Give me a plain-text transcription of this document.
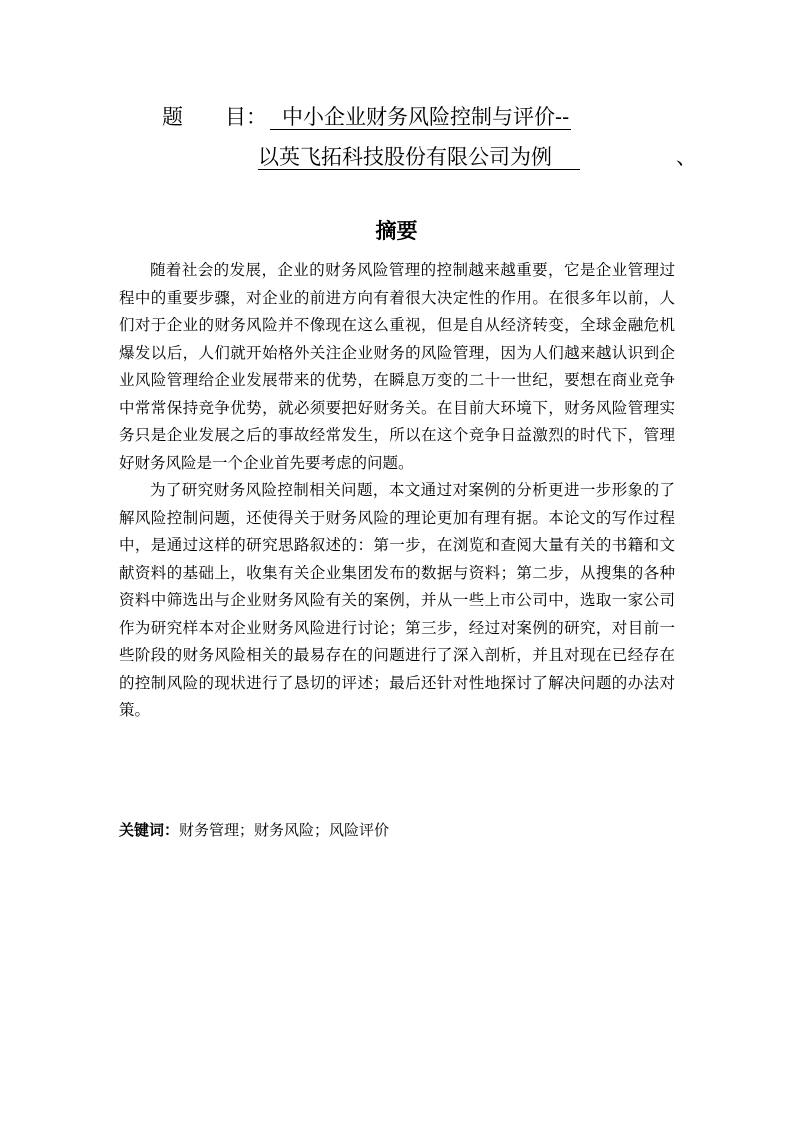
题 目： 中小企业财务风险控制与评价--
以英飞拓科技股份有限公司为例	、
摘要

随着社会的发展，企业的财务风险管理的控制越来越重要，它是企业管理过程中的重要步骤，对企业的前进方向有着很大决定性的作用。在很多年以前，人们对于企业的财务风险并不像现在这么重视，但是自从经济转变，全球金融危机爆发以后，人们就开始格外关注企业财务的风险管理，因为人们越来越认识到企业风险管理给企业发展带来的优势，在瞬息万变的二十一世纪，要想在商业竞争中常常保持竞争优势，就必须要把好财务关。在目前大环境下，财务风险管理实务只是企业发展之后的事故经常发生，所以在这个竞争日益激烈的时代下，管理好财务风险是一个企业首先要考虑的问题。

为了研究财务风险控制相关问题，本文通过对案例的分析更进一步形象的了解风险控制问题，还使得关于财务风险的理论更加有理有据。本论文的写作过程中，是通过这样的研究思路叙述的：第一步，在浏览和查阅大量有关的书籍和文献资料的基础上，收集有关企业集团发布的数据与资料；第二步，从搜集的各种资料中筛选出与企业财务风险有关的案例，并从一些上市公司中，选取一家公司作为研究样本对企业财务风险进行讨论；第三步，经过对案例的研究，对目前一些阶段的财务风险相关的最易存在的问题进行了深入剖析，并且对现在已经存在的控制风险的现状进行了恳切的评述；最后还针对性地探讨了解决问题的办法对策。

关键词：财务管理；财务风险；风险评价
